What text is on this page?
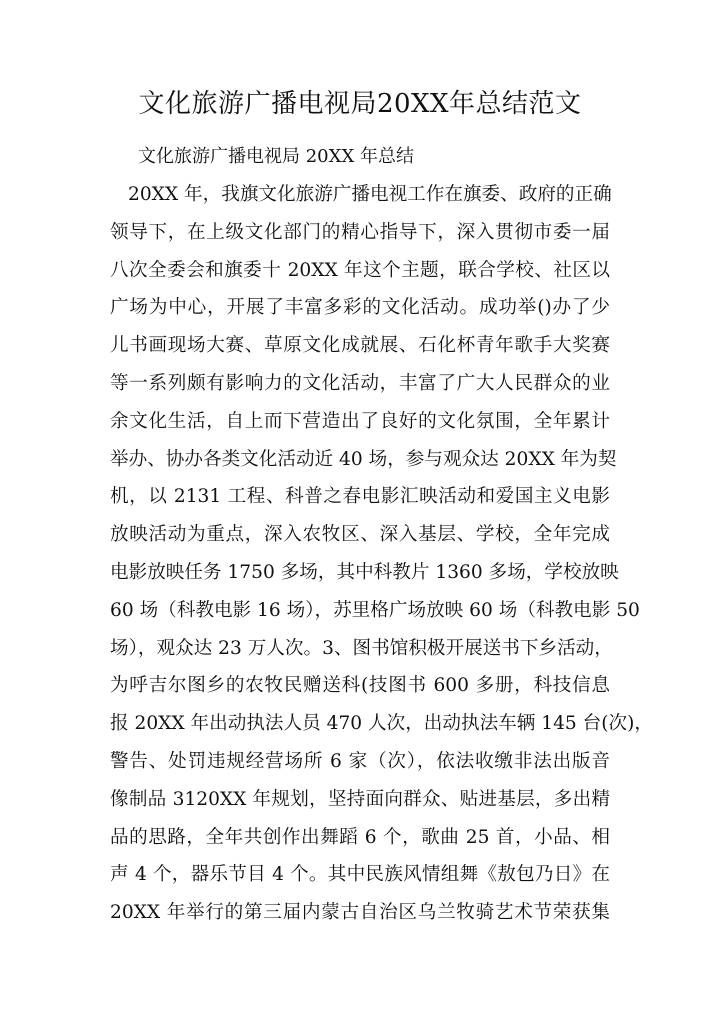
文化旅游广播电视局20XX年总结范文
文化旅游广播电视局 20XX 年总结
20XX 年，我旗文化旅游广播电视工作在旗委、政府的正确
领导下，在上级文化部门的精心指导下，深入贯彻市委一届
八次全委会和旗委十 20XX 年这个主题，联合学校、社区以
广场为中心，开展了丰富多彩的文化活动。成功举()办了少
儿书画现场大赛、草原文化成就展、石化杯青年歌手大奖赛
等一系列颇有影响力的文化活动，丰富了广大人民群众的业
余文化生活，自上而下营造出了良好的文化氛围，全年累计
举办、协办各类文化活动近 40 场，参与观众达 20XX 年为契
机，以 2131 工程、科普之春电影汇映活动和爱国主义电影
放映活动为重点，深入农牧区、深入基层、学校，全年完成
电影放映任务 1750 多场，其中科教片 1360 多场，学校放映
60 场（科教电影 16 场），苏里格广场放映 60 场（科教电影 50
场），观众达 23 万人次。3、图书馆积极开展送书下乡活动，
为呼吉尔图乡的农牧民赠送科(技图书 600 多册，科技信息
报 20XX 年出动执法人员 470 人次，出动执法车辆 145 台(次)，
警告、处罚违规经营场所 6 家（次），依法收缴非法出版音
像制品 3120XX 年规划，坚持面向群众、贴进基层，多出精
品的思路，全年共创作出舞蹈 6 个，歌曲 25 首，小品、相
声 4 个，器乐节目 4 个。其中民族风情组舞《敖包乃日》在
20XX 年举行的第三届内蒙古自治区乌兰牧骑艺术节荣获集
